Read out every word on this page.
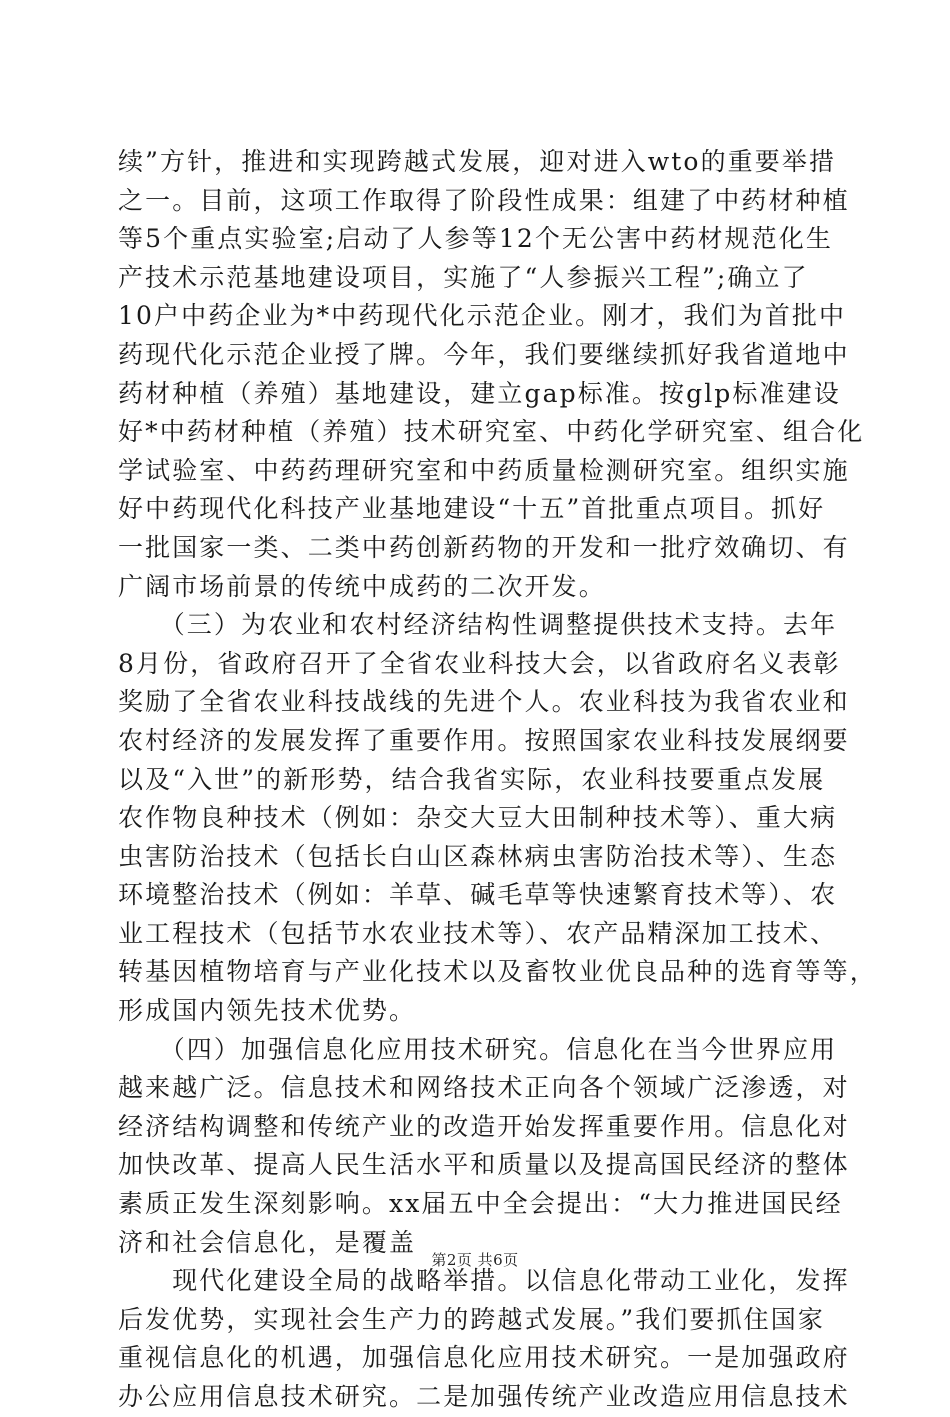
续”方针，推进和实现跨越式发展，迎对进入wto的重要举措
之一。目前，这项工作取得了阶段性成果：组建了中药材种植
等5个重点实验室;启动了人参等12个无公害中药材规范化生
产技术示范基地建设项目，实施了“人参振兴工程”;确立了
10户中药企业为*中药现代化示范企业。刚才，我们为首批中
药现代化示范企业授了牌。今年，我们要继续抓好我省道地中
药材种植（养殖）基地建设，建立gap标准。按glp标准建设
好*中药材种植（养殖）技术研究室、中药化学研究室、组合化
学试验室、中药药理研究室和中药质量检测研究室。组织实施
好中药现代化科技产业基地建设“十五”首批重点项目。抓好
一批国家一类、二类中药创新药物的开发和一批疗效确切、有
广阔市场前景的传统中成药的二次开发。
　　（三）为农业和农村经济结构性调整提供技术支持。去年
8月份，省政府召开了全省农业科技大会，以省政府名义表彰
奖励了全省农业科技战线的先进个人。农业科技为我省农业和
农村经济的发展发挥了重要作用。按照国家农业科技发展纲要
以及“入世”的新形势，结合我省实际，农业科技要重点发展
农作物良种技术（例如：杂交大豆大田制种技术等）、重大病
虫害防治技术（包括长白山区森林病虫害防治技术等）、生态
环境整治技术（例如：羊草、碱毛草等快速繁育技术等）、农
业工程技术（包括节水农业技术等）、农产品精深加工技术、
转基因植物培育与产业化技术以及畜牧业优良品种的选育等等，
形成国内领先技术优势。
　　（四）加强信息化应用技术研究。信息化在当今世界应用
越来越广泛。信息技术和网络技术正向各个领域广泛渗透，对
经济结构调整和传统产业的改造开始发挥重要作用。信息化对
加快改革、提高人民生活水平和质量以及提高国民经济的整体
素质正发生深刻影响。xx届五中全会提出：“大力推进国民经
济和社会信息化，是覆盖
　　现代化建设全局的战略举措。以信息化带动工业化，发挥
后发优势，实现社会生产力的跨越式发展。”我们要抓住国家
重视信息化的机遇，加强信息化应用技术研究。一是加强政府
办公应用信息技术研究。二是加强传统产业改造应用信息技术
第2页 共6页
